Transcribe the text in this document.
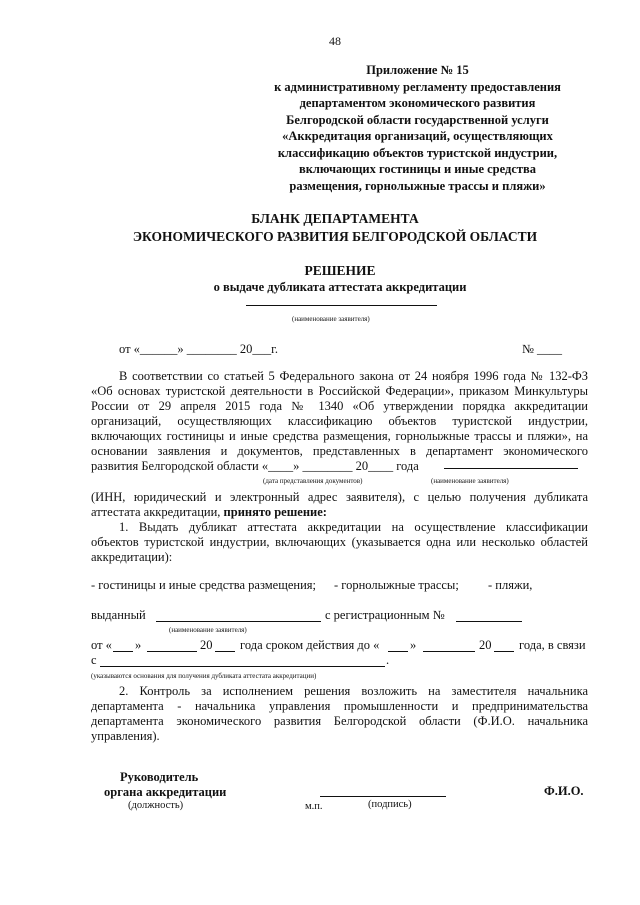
48
Приложение № 15
к административному регламенту предоставления
департаментом экономического развития
Белгородской области государственной услуги
«Аккредитация организаций, осуществляющих
классификацию объектов туристской индустрии,
включающих гостиницы и иные средства
размещения, горнолыжные трассы и пляжи»
БЛАНК ДЕПАРТАМЕНТА
ЭКОНОМИЧЕСКОГО РАЗВИТИЯ БЕЛГОРОДСКОЙ ОБЛАСТИ
РЕШЕНИЕ
о выдаче дубликата аттестата аккредитации
(наименование заявителя)
от «______» ________ 20___г.	№ ____
В соответствии со статьей 5 Федерального закона от 24 ноября 1996 года № 132-ФЗ
«Об основах туристской деятельности в Российской Федерации», приказом Минкультуры
России от 29 апреля 2015 года № 1340 «Об утверждении порядка аккредитации
организаций, осуществляющих классификацию объектов туристской индустрии,
включающих гостиницы и иные средства размещения, горнолыжные трассы и пляжи», на
основании заявления и документов, представленных в департамент экономического
развития Белгородской области «____» ________ 20____ года
(дата представления документов)	(наименование заявителя)
(ИНН, юридический и электронный адрес заявителя), с целью получения дубликата
аттестата аккредитации, принято решение:
1. Выдать дубликат аттестата аккредитации на осуществление классификации
объектов туристской индустрии, включающих (указывается одна или несколько областей
аккредитации):
- гостиницы и иные средства размещения; - горнолыжные трассы; - пляжи,
выданный	с регистрационным №
(наименование заявителя)
от « »	20 года сроком действия до « »	20 года, в связи
с	.
(указываются основания для получения дубликата аттестата аккредитации)
2. Контроль за исполнением решения возложить на заместителя начальника
департамента - начальника управления промышленности и предпринимательства
департамента экономического развития Белгородской области (Ф.И.О. начальника
управления).
Руководитель
органа аккредитации
(должность)	м.п.	(подпись)
Ф.И.О.
